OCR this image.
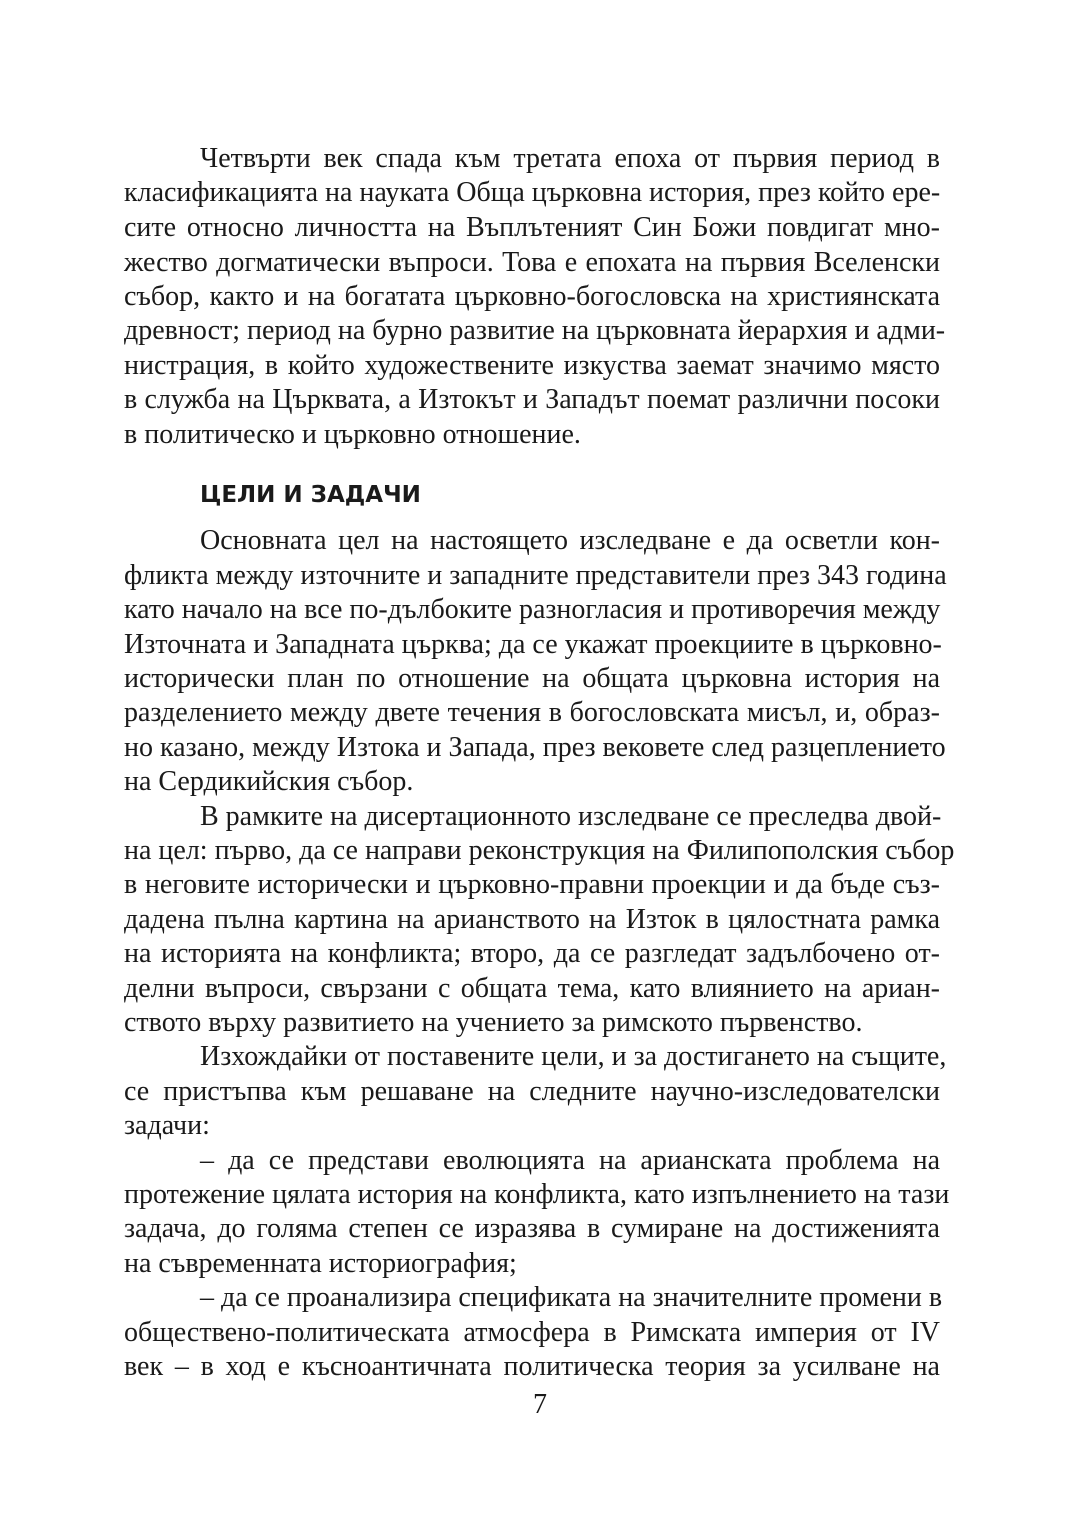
Четвърти век спада към третата епоха от първия период в
класификацията на науката Обща църковна история, през който ере-
сите относно личността на Въплътеният Син Божи повдигат мно-
жество догматически въпроси. Това е епохата на първия Вселенски
събор, както и на богатата църковно-богословска на християнската
древност; период на бурно развитие на църковната йерархия и адми-
нистрация, в който художествените изкуства заемат значимо място
в служба на Църквата, а Изтокът и Западът поемат различни посоки
в политическо и църковно отношение.
Основната цел на настоящето изследване е да осветли кон-
фликта между източните и западните представители през 343 година
като начало на все по-дълбоките разногласия и противоречия между
Източната и Западната църква; да се укажат проекциите в църковно-
исторически план по отношение на общата църковна история на
разделението между двете течения в богословската мисъл, и, образ-
но казано, между Изтока и Запада, през вековете след разцеплението
на Сердикийския събор.
В рамките на дисертационното изследване се преследва двой-
на цел: първо, да се направи реконструкция на Филипополския събор
в неговите исторически и църковно-правни проекции и да бъде съз-
дадена пълна картина на арианството на Изток в цялостната рамка
на историята на конфликта; второ, да се разгледат задълбочено от-
делни въпроси, свързани с общата тема, като влиянието на ариан-
ството върху развитието на учението за римското първенство.
Изхождайки от поставените цели, и за достигането на същите,
се пристъпва към решаване на следните научно-изследователски
задачи:
– да се представи еволюцията на арианската проблема на
протежение цялата история на конфликта, като изпълнението на тази
задача, до голяма степен се изразява в сумиране на достиженията
на съвременната историография;
– да се проанализира спецификата на значителните промени в
обществено-политическата атмосфера в Римската империя от IV
век – в ход е късноантичната политическа теория за усилване на
ЦЕЛИ И ЗАДАЧИ
7
